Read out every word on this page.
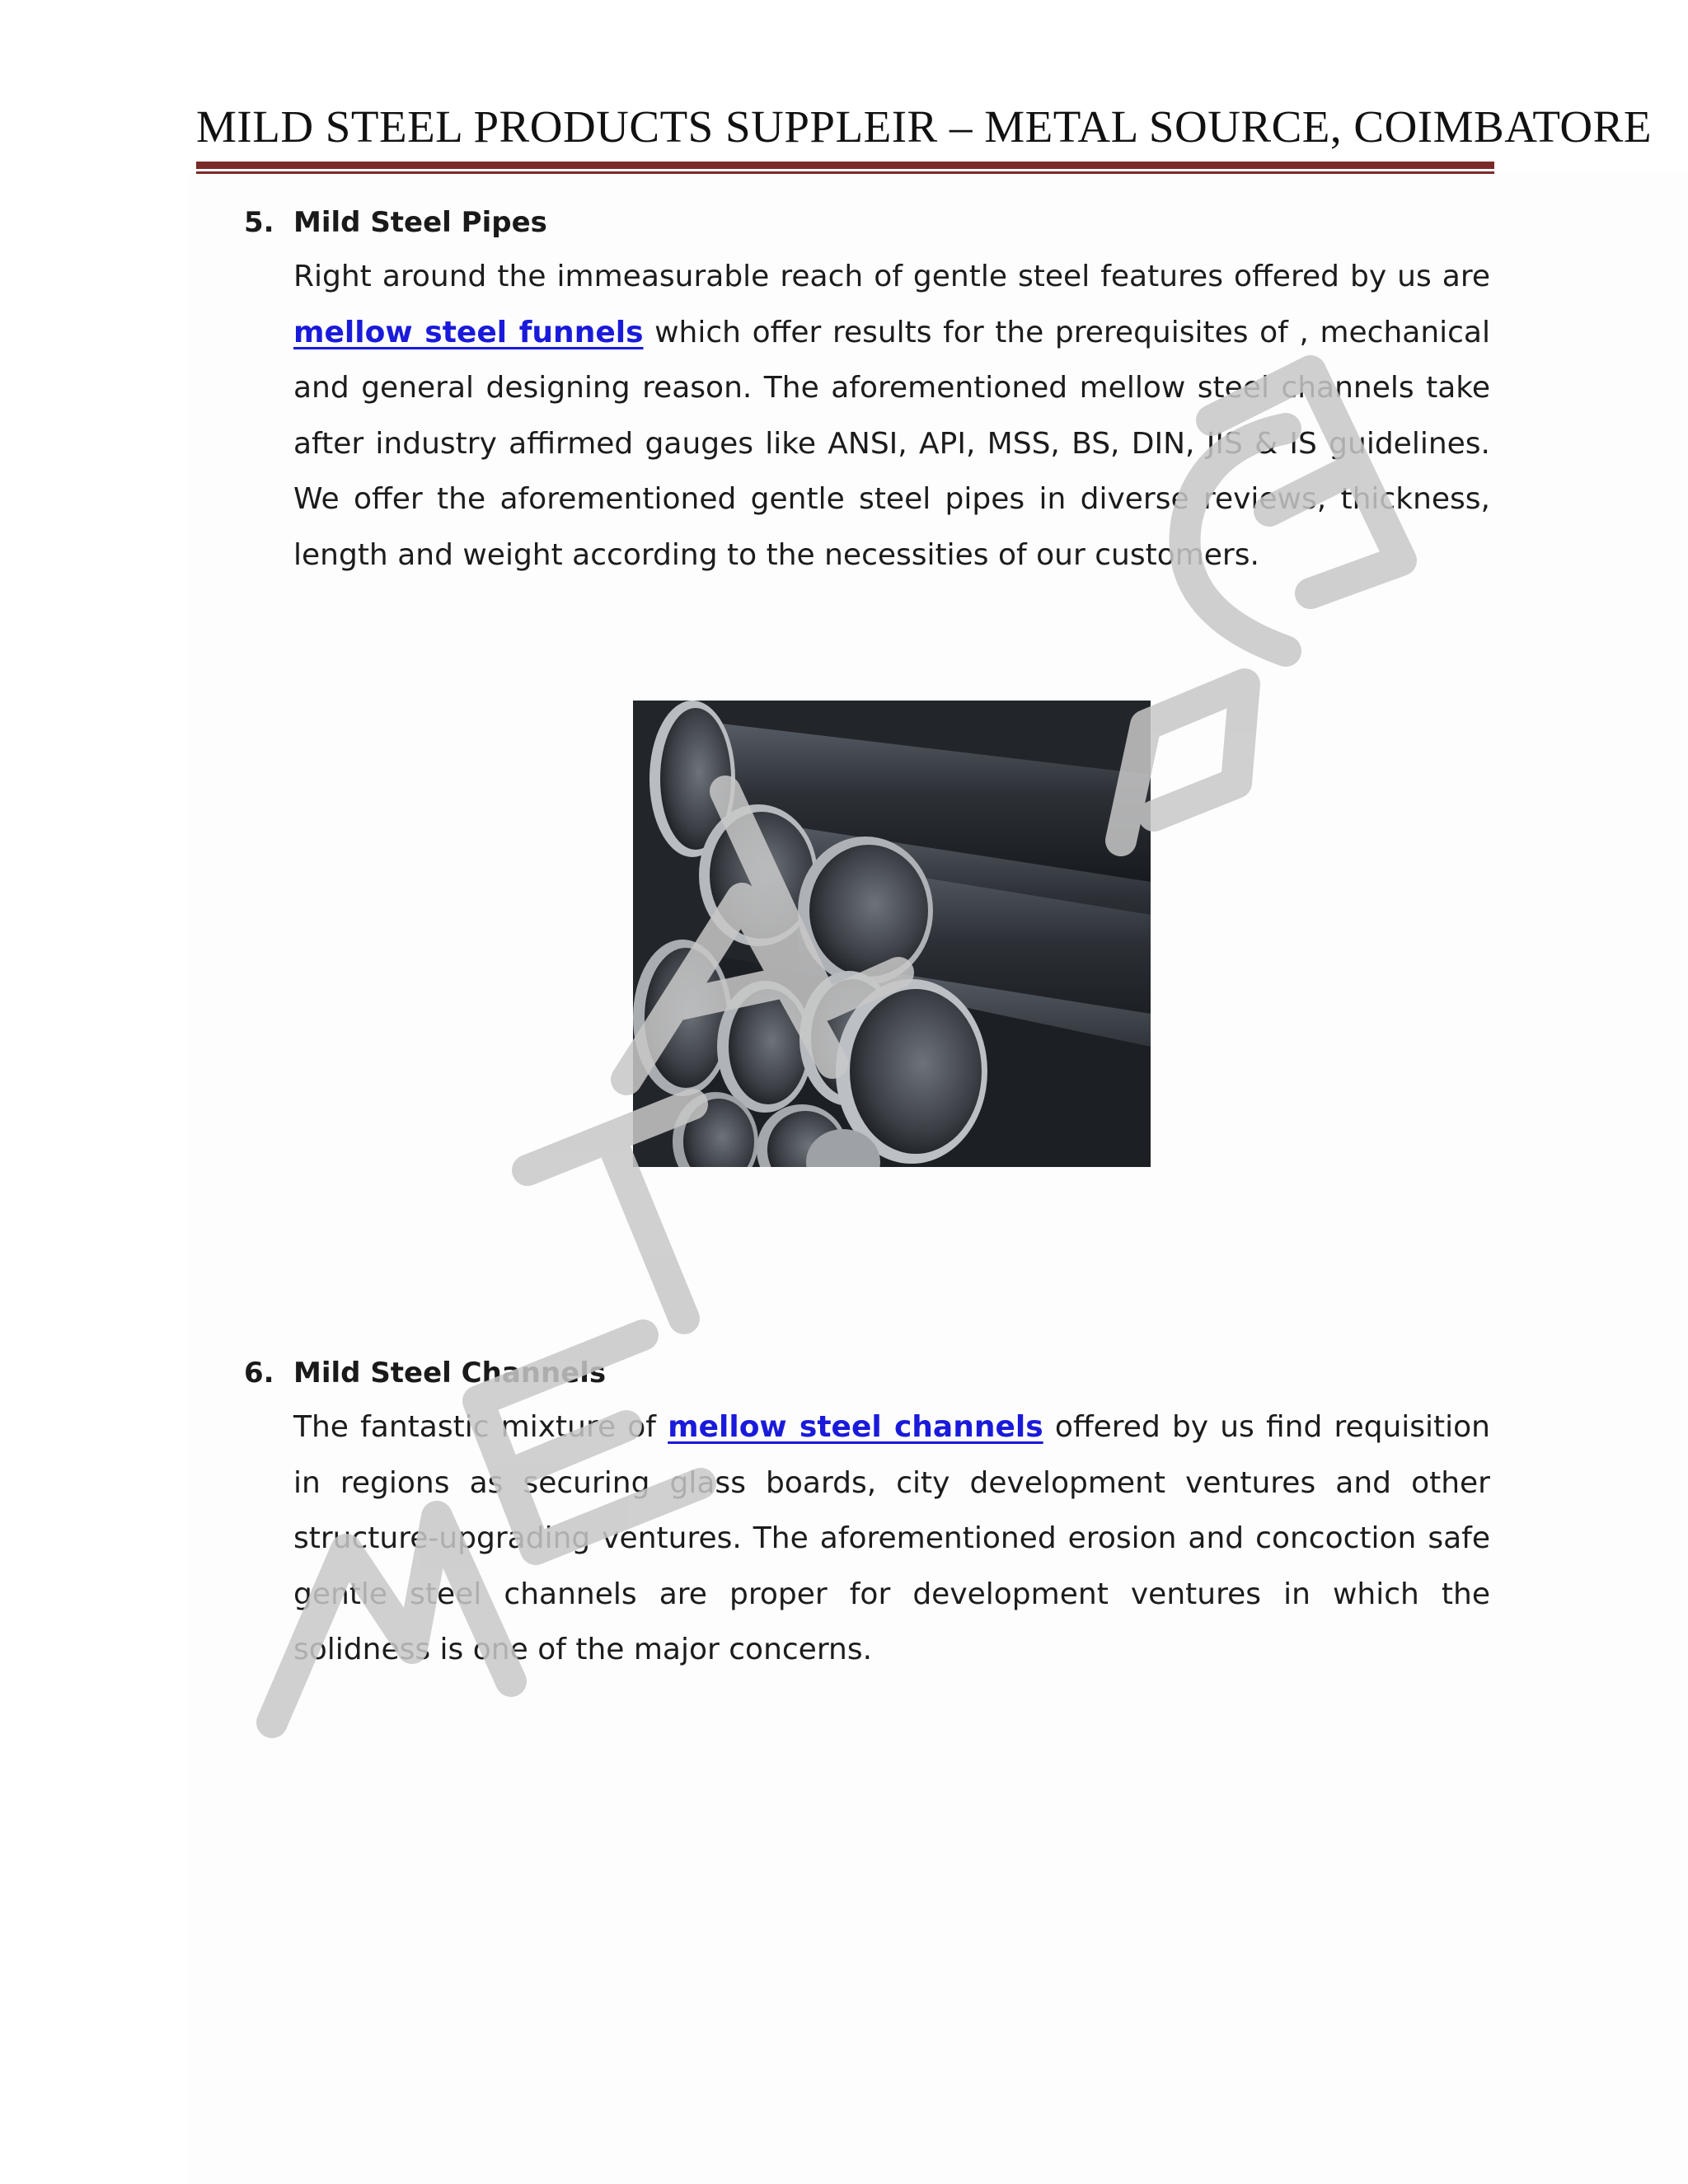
MILD STEEL PRODUCTS SUPPLEIR – METAL SOURCE, COIMBATORE
5. Mild Steel Pipes
Right around the immeasurable reach of gentle steel features offered by us are mellow steel funnels which offer results for the prerequisites of , mechanical and general designing reason. The aforementioned mellow steel channels take after industry affirmed gauges like ANSI, API, MSS, BS, DIN, JIS & IS guidelines. We offer the aforementioned gentle steel pipes in diverse reviews, thickness, length and weight according to the necessities of our customers.
6. Mild Steel Channels
The fantastic mixture of mellow steel channels offered by us find requisition in regions as securing glass boards, city development ventures and other structure-upgrading ventures. The aforementioned erosion and concoction safe gentle steel channels are proper for development ventures in which the solidness is one of the major concerns.
